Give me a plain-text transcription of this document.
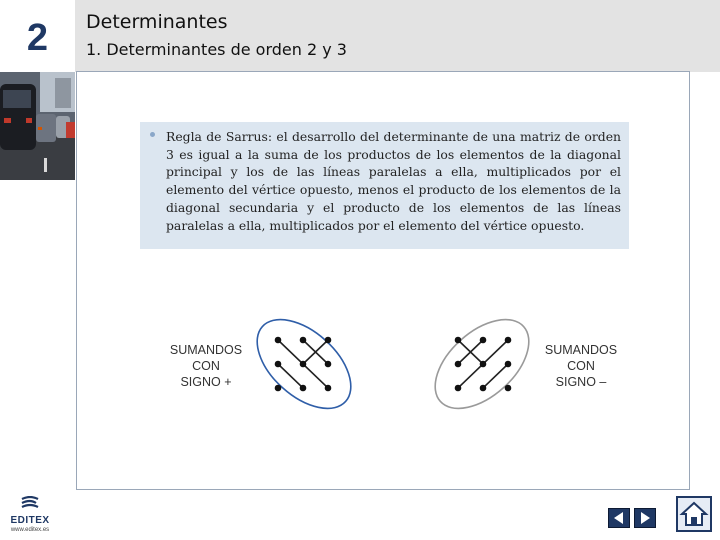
2	Determinantes
1. Determinantes de orden 2 y 3
EDITEX
www.editex.es
Regla de Sarrus: el desarrollo del determinante de una matriz de orden 3 es igual a la suma de los productos de los elementos de la diagonal principal y los de las líneas paralelas a ella, multiplicados por el elemento del vértice opuesto, menos el producto de los elementos de la diagonal secundaria y el producto de los elementos de las líneas paralelas a ella, multiplicados por el elemento del vértice opuesto.
SUMANDOS
CON
SIGNO +
SUMANDOS
CON
SIGNO –
